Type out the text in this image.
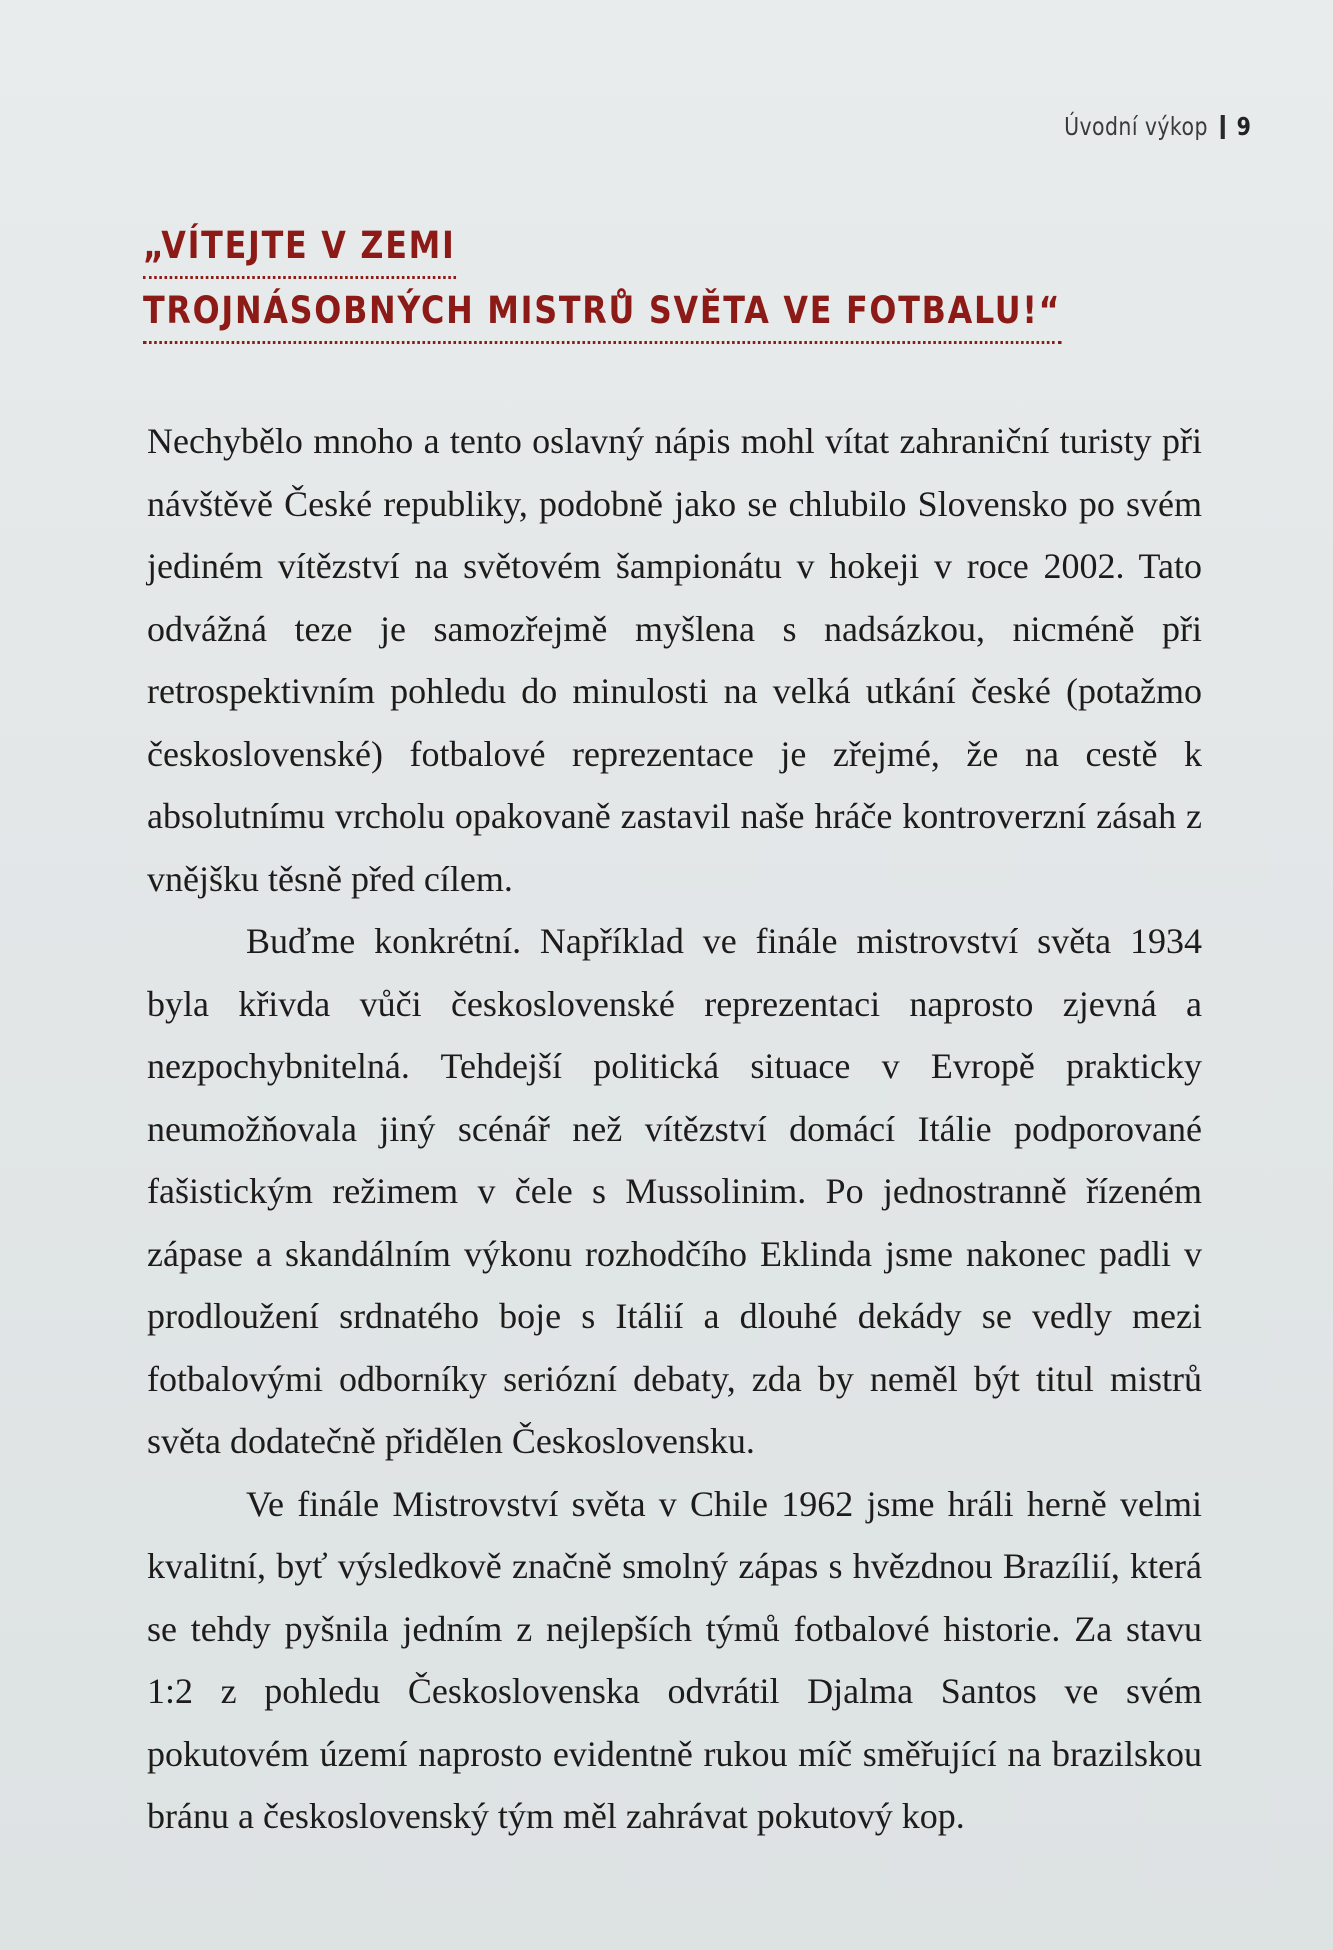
Úvodní výkop 9
„VÍTEJTE V ZEMI
TROJNÁSOBNÝCH MISTRŮ SVĚTA VE FOTBALU!“

Nechybělo mnoho a tento oslavný nápis mohl vítat zahraniční turisty při návštěvě České republiky, podobně jako se chlubilo Slovensko po svém jediném vítězství na světovém šampionátu v hokeji v roce 2002. Tato odvážná teze je samozřejmě myšlena s nadsázkou, nicméně při retrospektivním pohledu do minulosti na velká utkání české (potažmo československé) fotbalové reprezentace je zřejmé, že na cestě k absolutnímu vrcholu opakovaně zastavil naše hráče kontroverzní zásah z vnějšku těsně před cílem.

Buďme konkrétní. Například ve finále mistrovství světa 1934 byla křivda vůči československé reprezentaci naprosto zjevná a nezpochybnitelná. Tehdejší politická situace v Evropě prakticky neumožňovala jiný scénář než vítězství domácí Itálie podporované fašistickým režimem v čele s Mussolinim. Po jednostranně řízeném zápase a skandálním výkonu rozhodčího Eklinda jsme nakonec padli v prodloužení srdnatého boje s Itálií a dlouhé dekády se vedly mezi fotbalovými odborníky seriózní debaty, zda by neměl být titul mistrů světa dodatečně přidělen Československu.

Ve finále Mistrovství světa v Chile 1962 jsme hráli herně velmi kvalitní, byť výsledkově značně smolný zápas s hvězdnou Brazílií, která se tehdy pyšnila jedním z nejlepších týmů fotbalové historie. Za stavu 1:2 z pohledu Československa odvrátil Djalma Santos ve svém pokutovém území naprosto evidentně rukou míč směřující na brazilskou bránu a československý tým měl zahrávat pokutový kop.
